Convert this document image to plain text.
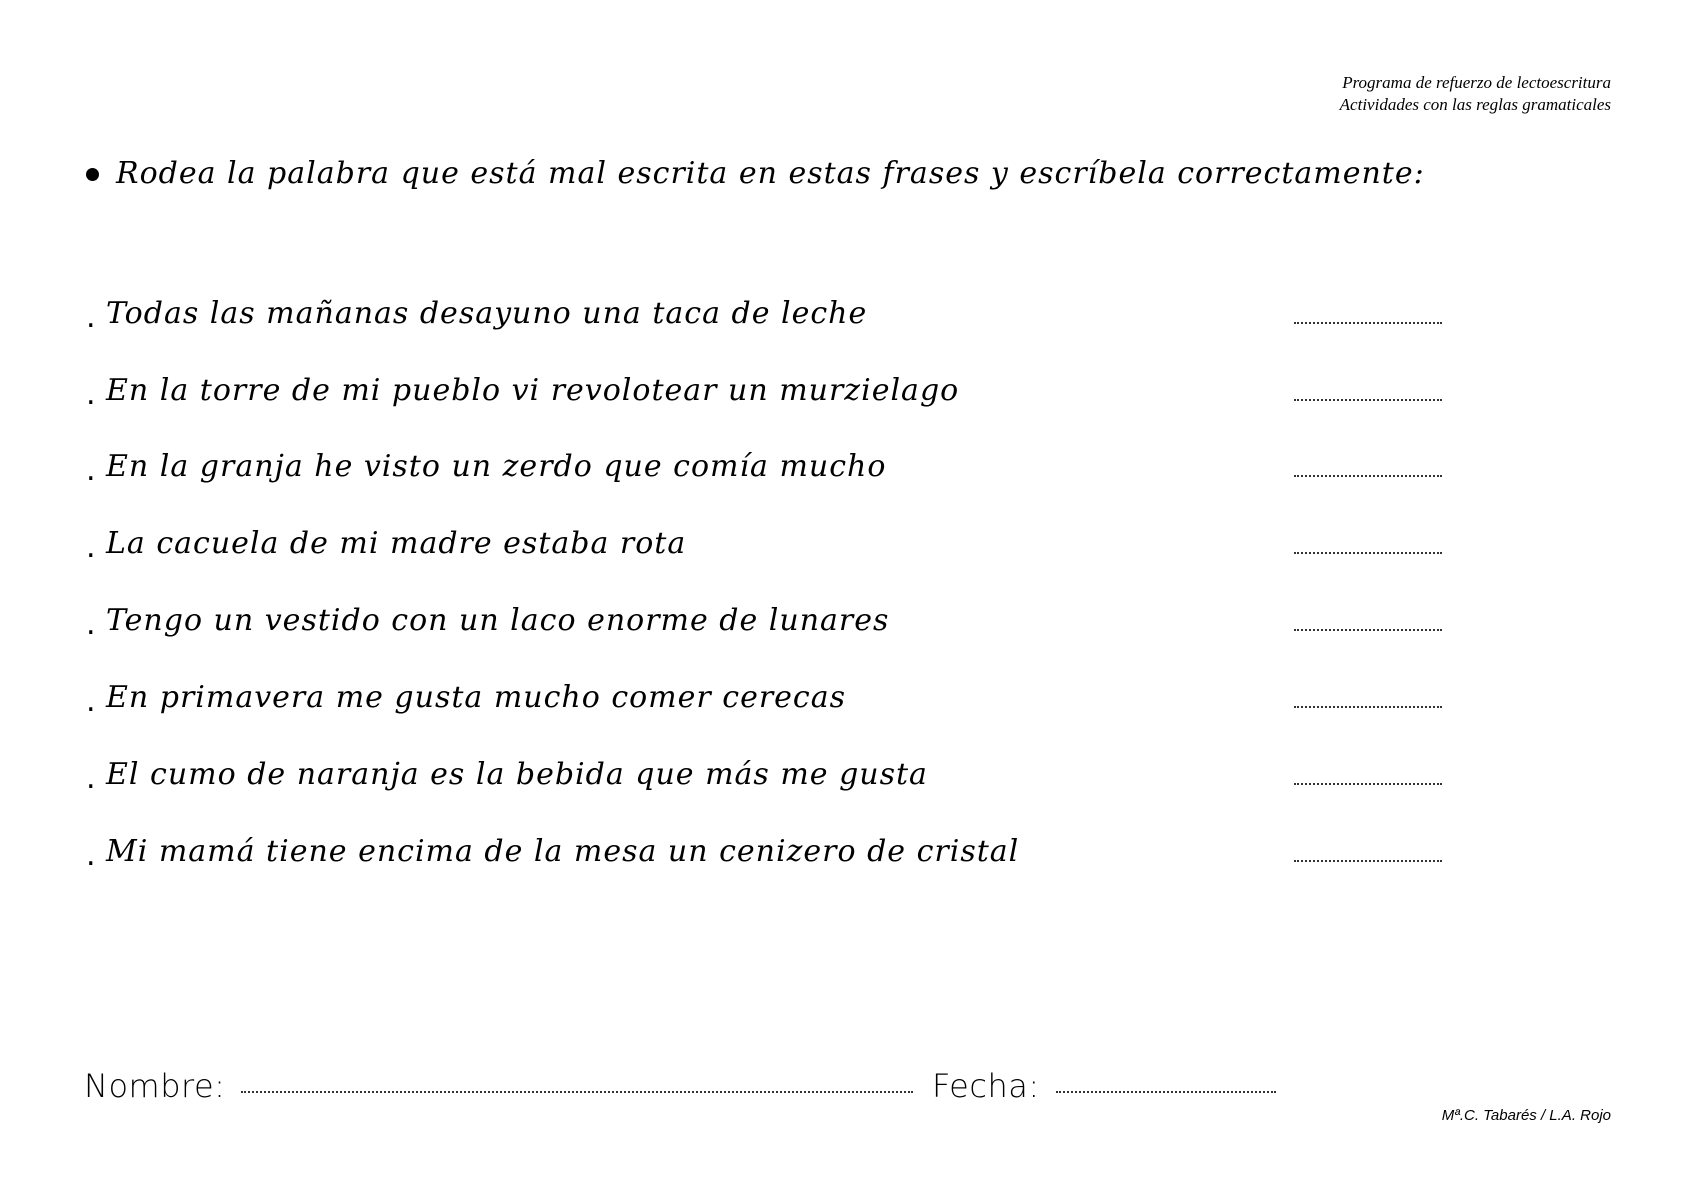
Programa de refuerzo de lectoescritura
Actividades con las reglas gramaticales
Rodea la palabra que está mal escrita en estas frases y escríbela correctamente:
. Todas las mañanas desayuno una taca de leche
. En la torre de mi pueblo vi revolotear un murzielago
. En la granja he visto un zerdo que comía mucho
. La cacuela de mi madre estaba rota
. Tengo un vestido con un laco enorme de lunares
. En primavera me gusta mucho comer cerecas
. El cumo de naranja es la bebida que más me gusta
. Mi mamá tiene encima de la mesa un cenizero de cristal
Nombre:	Fecha:
Mª.C. Tabarés / L.A. Rojo
